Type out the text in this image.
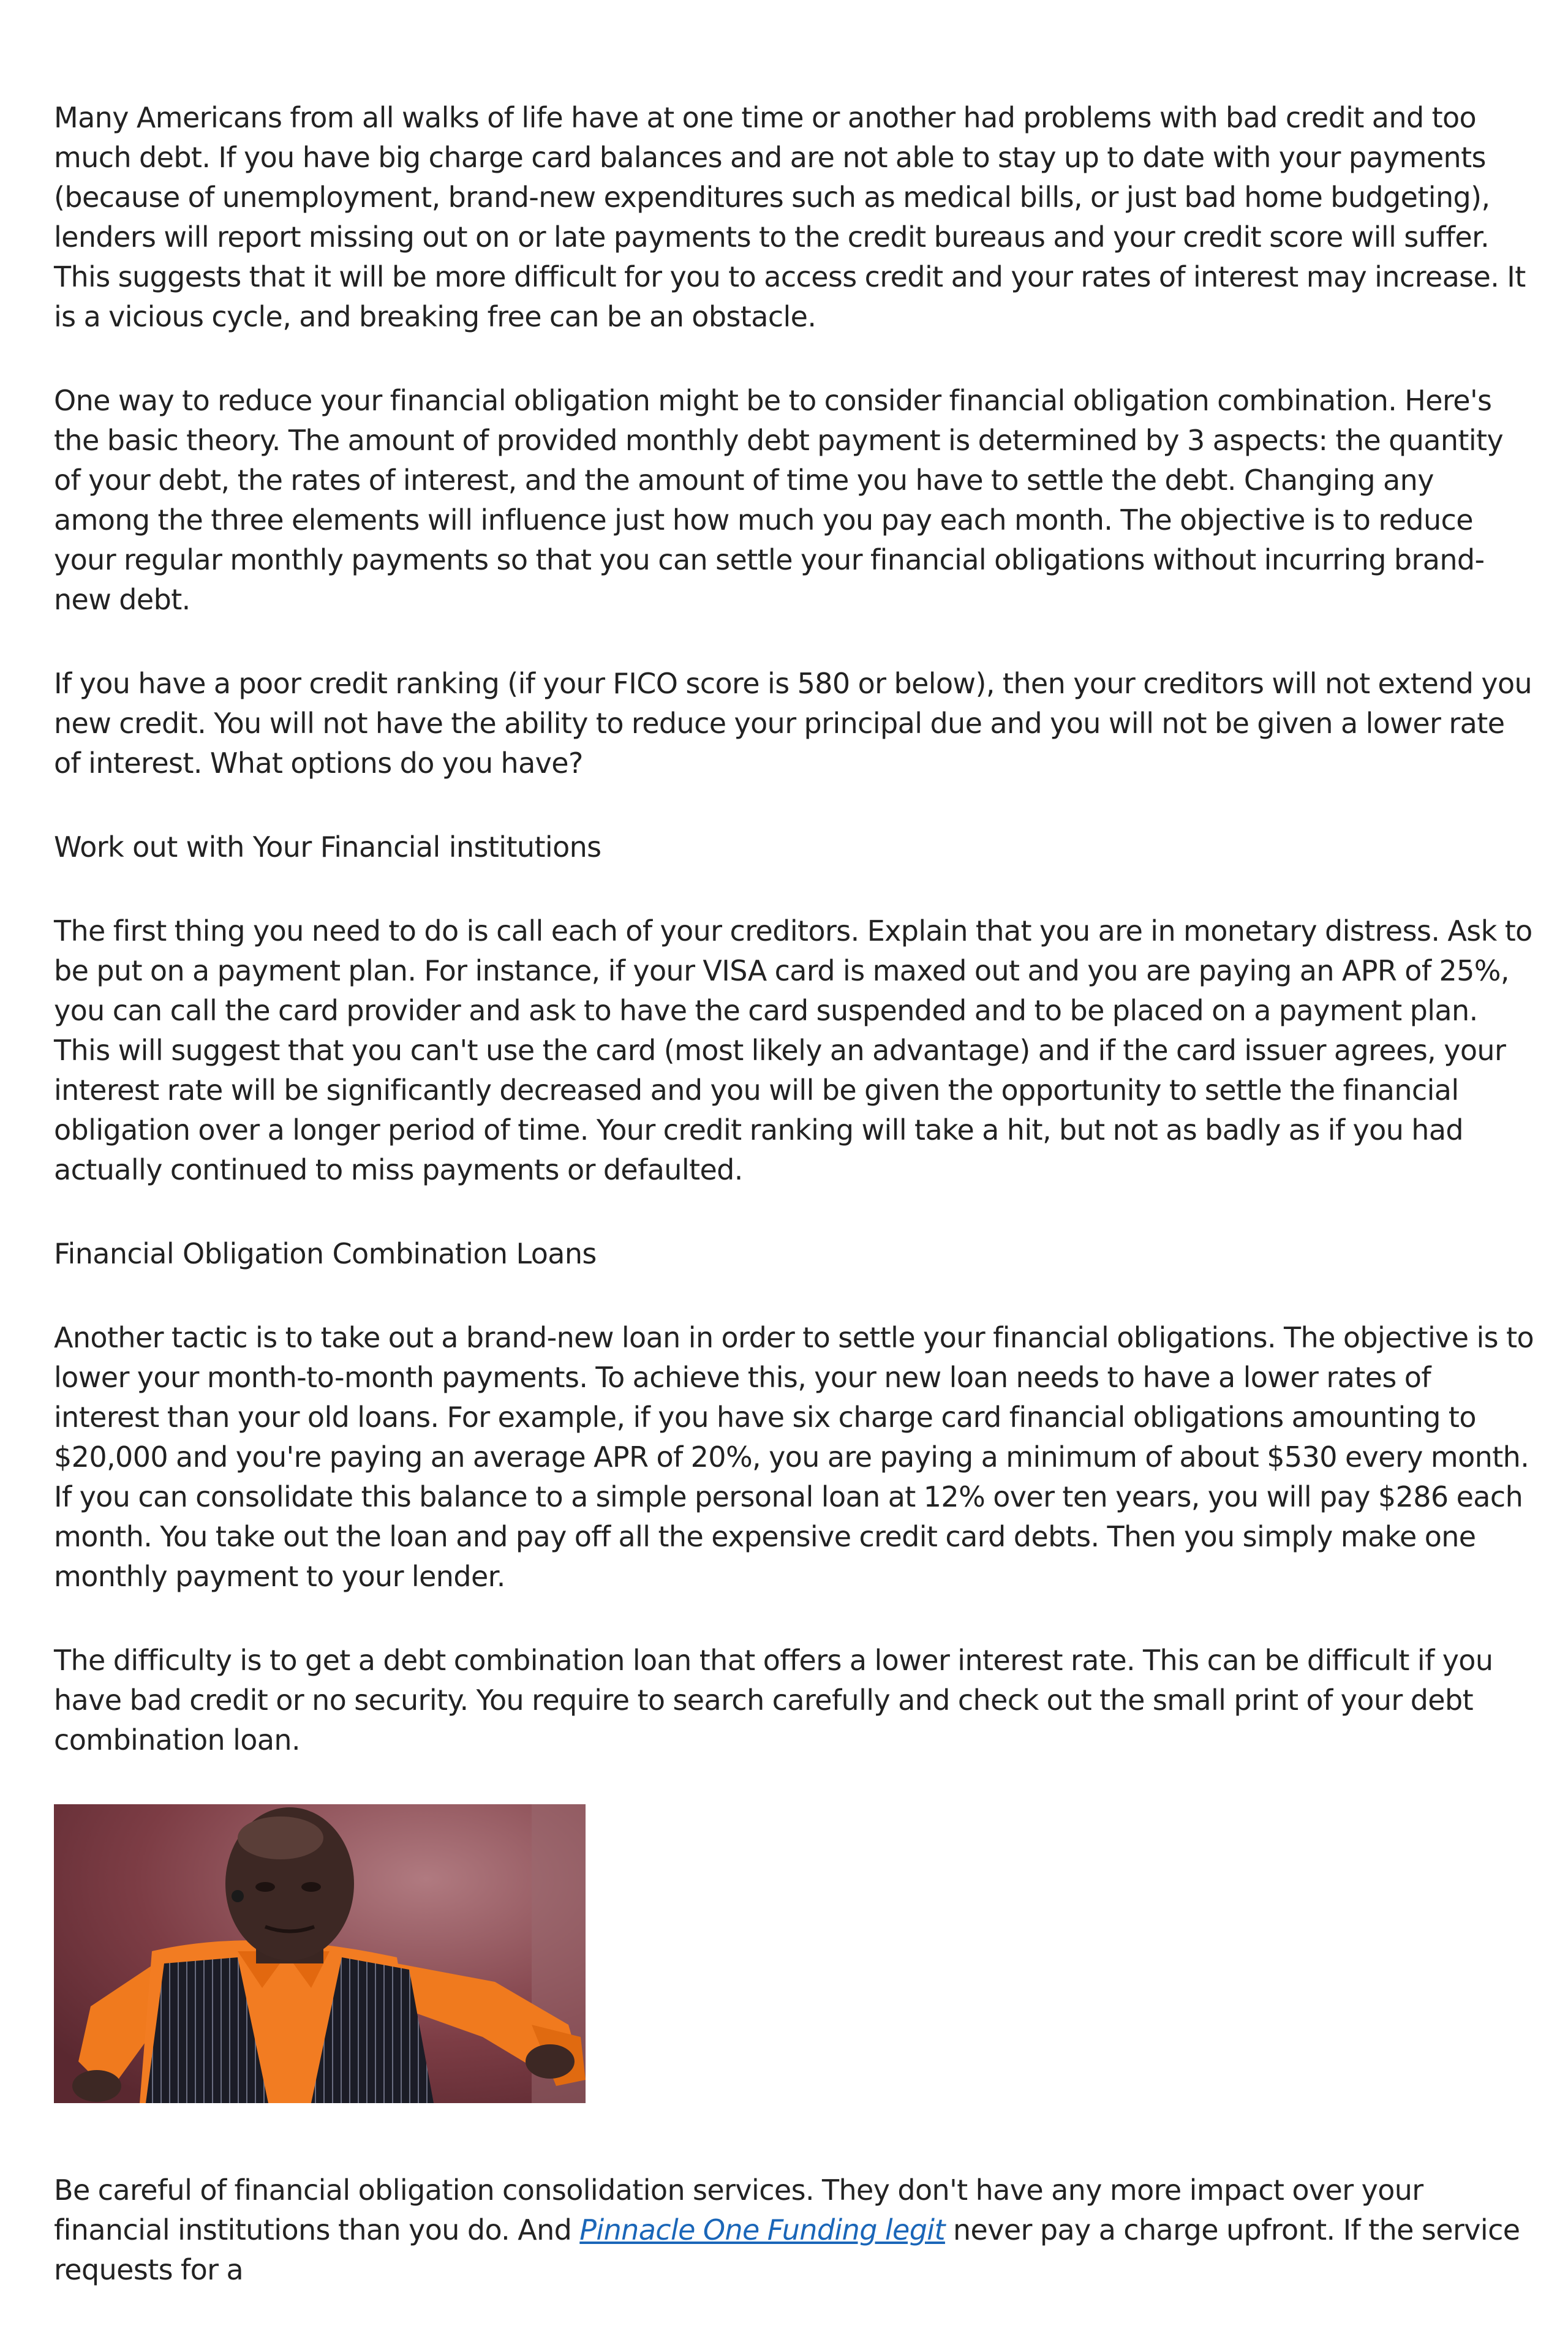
Many Americans from all walks of life have at one time or another had problems with bad credit and too much debt. If you have big charge card balances and are not able to stay up to date with your payments (because of unemployment, brand-new expenditures such as medical bills, or just bad home budgeting), lenders will report missing out on or late payments to the credit bureaus and your credit score will suffer. This suggests that it will be more difficult for you to access credit and your rates of interest may increase. It is a vicious cycle, and breaking free can be an obstacle.

One way to reduce your financial obligation might be to consider financial obligation combination. Here's the basic theory. The amount of provided monthly debt payment is determined by 3 aspects: the quantity of your debt, the rates of interest, and the amount of time you have to settle the debt. Changing any among the three elements will influence just how much you pay each month. The objective is to reduce your regular monthly payments so that you can settle your financial obligations without incurring brand-new debt.

If you have a poor credit ranking (if your FICO score is 580 or below), then your creditors will not extend you new credit. You will not have the ability to reduce your principal due and you will not be given a lower rate of interest. What options do you have?

Work out with Your Financial institutions

The first thing you need to do is call each of your creditors. Explain that you are in monetary distress. Ask to be put on a payment plan. For instance, if your VISA card is maxed out and you are paying an APR of 25%, you can call the card provider and ask to have the card suspended and to be placed on a payment plan. This will suggest that you can't use the card (most likely an advantage) and if the card issuer agrees, your interest rate will be significantly decreased and you will be given the opportunity to settle the financial obligation over a longer period of time. Your credit ranking will take a hit, but not as badly as if you had actually continued to miss payments or defaulted.

Financial Obligation Combination Loans

Another tactic is to take out a brand-new loan in order to settle your financial obligations. The objective is to lower your month-to-month payments. To achieve this, your new loan needs to have a lower rates of interest than your old loans. For example, if you have six charge card financial obligations amounting to $20,000 and you're paying an average APR of 20%, you are paying a minimum of about $530 every month. If you can consolidate this balance to a simple personal loan at 12% over ten years, you will pay $286 each month. You take out the loan and pay off all the expensive credit card debts. Then you simply make one monthly payment to your lender.

The difficulty is to get a debt combination loan that offers a lower interest rate. This can be difficult if you have bad credit or no security. You require to search carefully and check out the small print of your debt combination loan.

Be careful of financial obligation consolidation services. They don't have any more impact over your financial institutions than you do. And Pinnacle One Funding legit never pay a charge upfront. If the service requests for a
